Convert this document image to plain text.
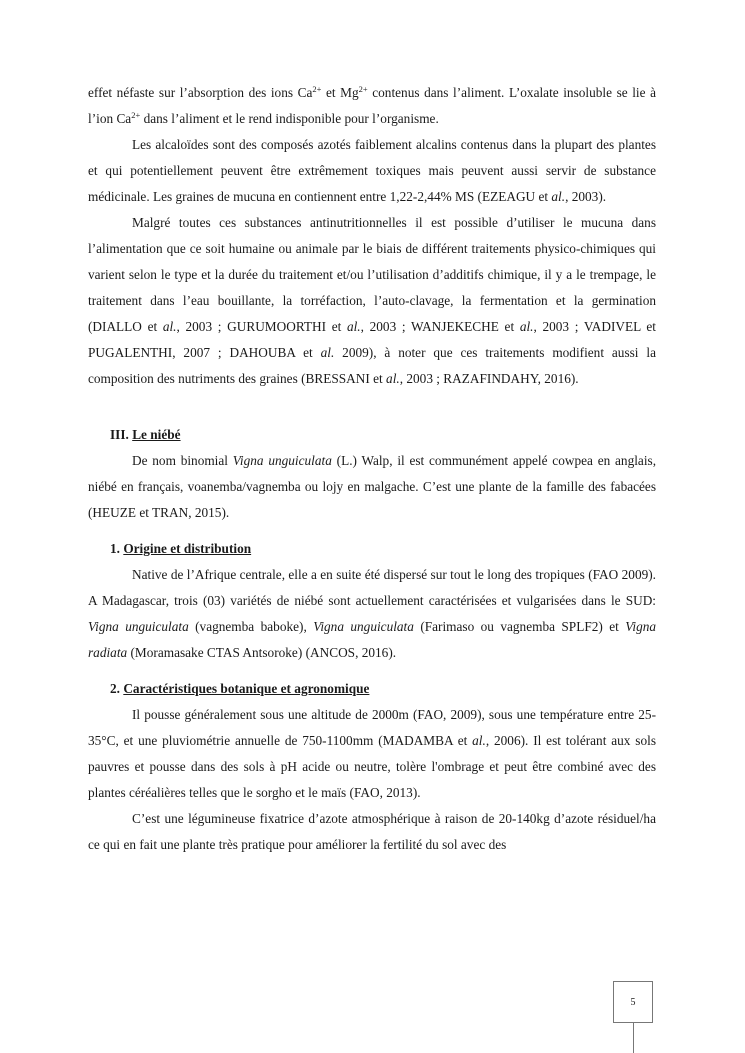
effet néfaste sur l’absorption des ions $Ca^{2+}$ et $Mg^{2+}$ contenus dans l’aliment. L’oxalate insoluble se lie à l’ion $Ca^{2+}$ dans l’aliment et le rend indisponible pour l’organisme.

Les alcaloïdes sont des composés azotés faiblement alcalins contenus dans la plupart des plantes et qui potentiellement peuvent être extrêmement toxiques mais peuvent aussi servir de substance médicinale. Les graines de mucuna en contiennent entre 1,22-2,44% MS (EZEAGU et al., 2003).

Malgré toutes ces substances antinutritionnelles il est possible d’utiliser le mucuna dans l’alimentation que ce soit humaine ou animale par le biais de différent traitements physico-chimiques qui varient selon le type et la durée du traitement et/ou l’utilisation d’additifs chimique, il y a le trempage, le traitement dans l’eau bouillante, la torréfaction, l’auto-clavage, la fermentation et la germination (DIALLO et al., 2003 ; GURUMOORTHI et al., 2003 ; WANJEKECHE et al., 2003 ; VADIVEL et PUGALENTHI, 2007 ; DAHOUBA et al. 2009), à noter que ces traitements modifient aussi la composition des nutriments des graines (BRESSANI et al., 2003 ; RAZAFINDAHY, 2016).

III. Le niébé

De nom binomial Vigna unguiculata (L.) Walp, il est communément appelé cowpea en anglais, niébé en français, voanemba/vagnemba ou lojy en malgache. C’est une plante de la famille des fabacées (HEUZE et TRAN, 2015).

1. Origine et distribution

Native de l’Afrique centrale, elle a en suite été dispersé sur tout le long des tropiques (FAO 2009). A Madagascar, trois (03) variétés de niébé sont actuellement caractérisées et vulgarisées dans le SUD: Vigna unguiculata (vagnemba baboke), Vigna unguiculata (Farimaso ou vagnemba SPLF2) et Vigna radiata (Moramasake CTAS Antsoroke) (ANCOS, 2016).

2. Caractéristiques botanique et agronomique

Il pousse généralement sous une altitude de 2000m (FAO, 2009), sous une température entre 25-35°C, et une pluviométrie annuelle de 750-1100mm (MADAMBA et al., 2006). Il est tolérant aux sols pauvres et pousse dans des sols à pH acide ou neutre, tolère l'ombrage et peut être combiné avec des plantes céréalières telles que le sorgho et le maïs (FAO, 2013).

C’est une légumineuse fixatrice d’azote atmosphérique à raison de 20-140kg d’azote résiduel/ha ce qui en fait une plante très pratique pour améliorer la fertilité du sol avec des

5
